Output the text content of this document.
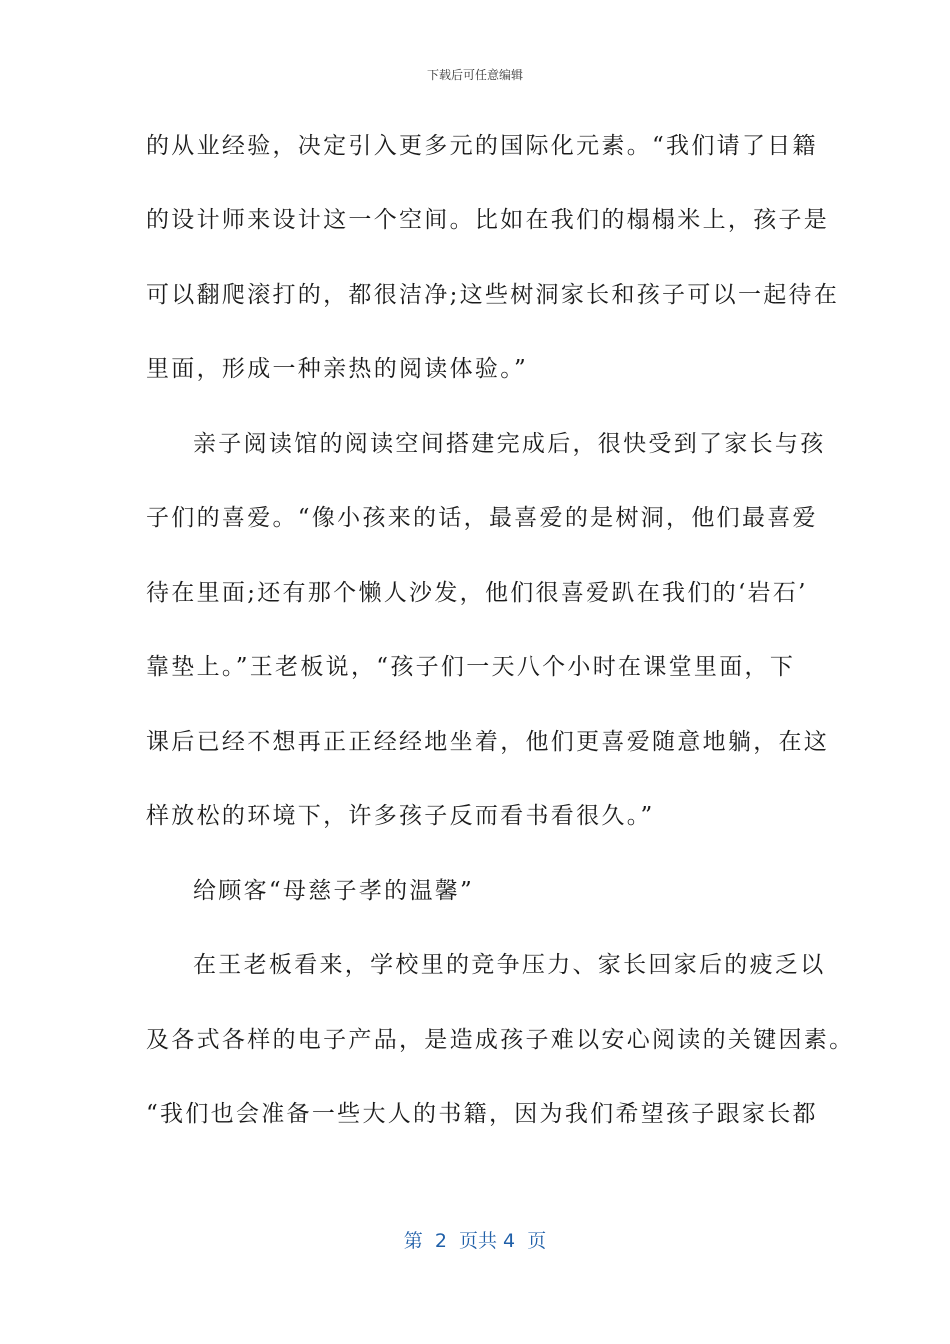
下载后可任意编辑
的从业经验，决定引入更多元的国际化元素。“我们请了日籍
的设计师来设计这一个空间。比如在我们的榻榻米上，孩子是
可以翻爬滚打的，都很洁净;这些树洞家长和孩子可以一起待在
里面，形成一种亲热的阅读体验。”
亲子阅读馆的阅读空间搭建完成后，很快受到了家长与孩
子们的喜爱。“像小孩来的话，最喜爱的是树洞，他们最喜爱
待在里面;还有那个懒人沙发，他们很喜爱趴在我们的‘岩石’
靠垫上。”王老板说，“孩子们一天八个小时在课堂里面，下
课后已经不想再正正经经地坐着，他们更喜爱随意地躺，在这
样放松的环境下，许多孩子反而看书看很久。”
给顾客“母慈子孝的温馨”
在王老板看来，学校里的竞争压力、家长回家后的疲乏以
及各式各样的电子产品，是造成孩子难以安心阅读的关键因素。
“我们也会准备一些大人的书籍，因为我们希望孩子跟家长都
第  2  页共 4  页
